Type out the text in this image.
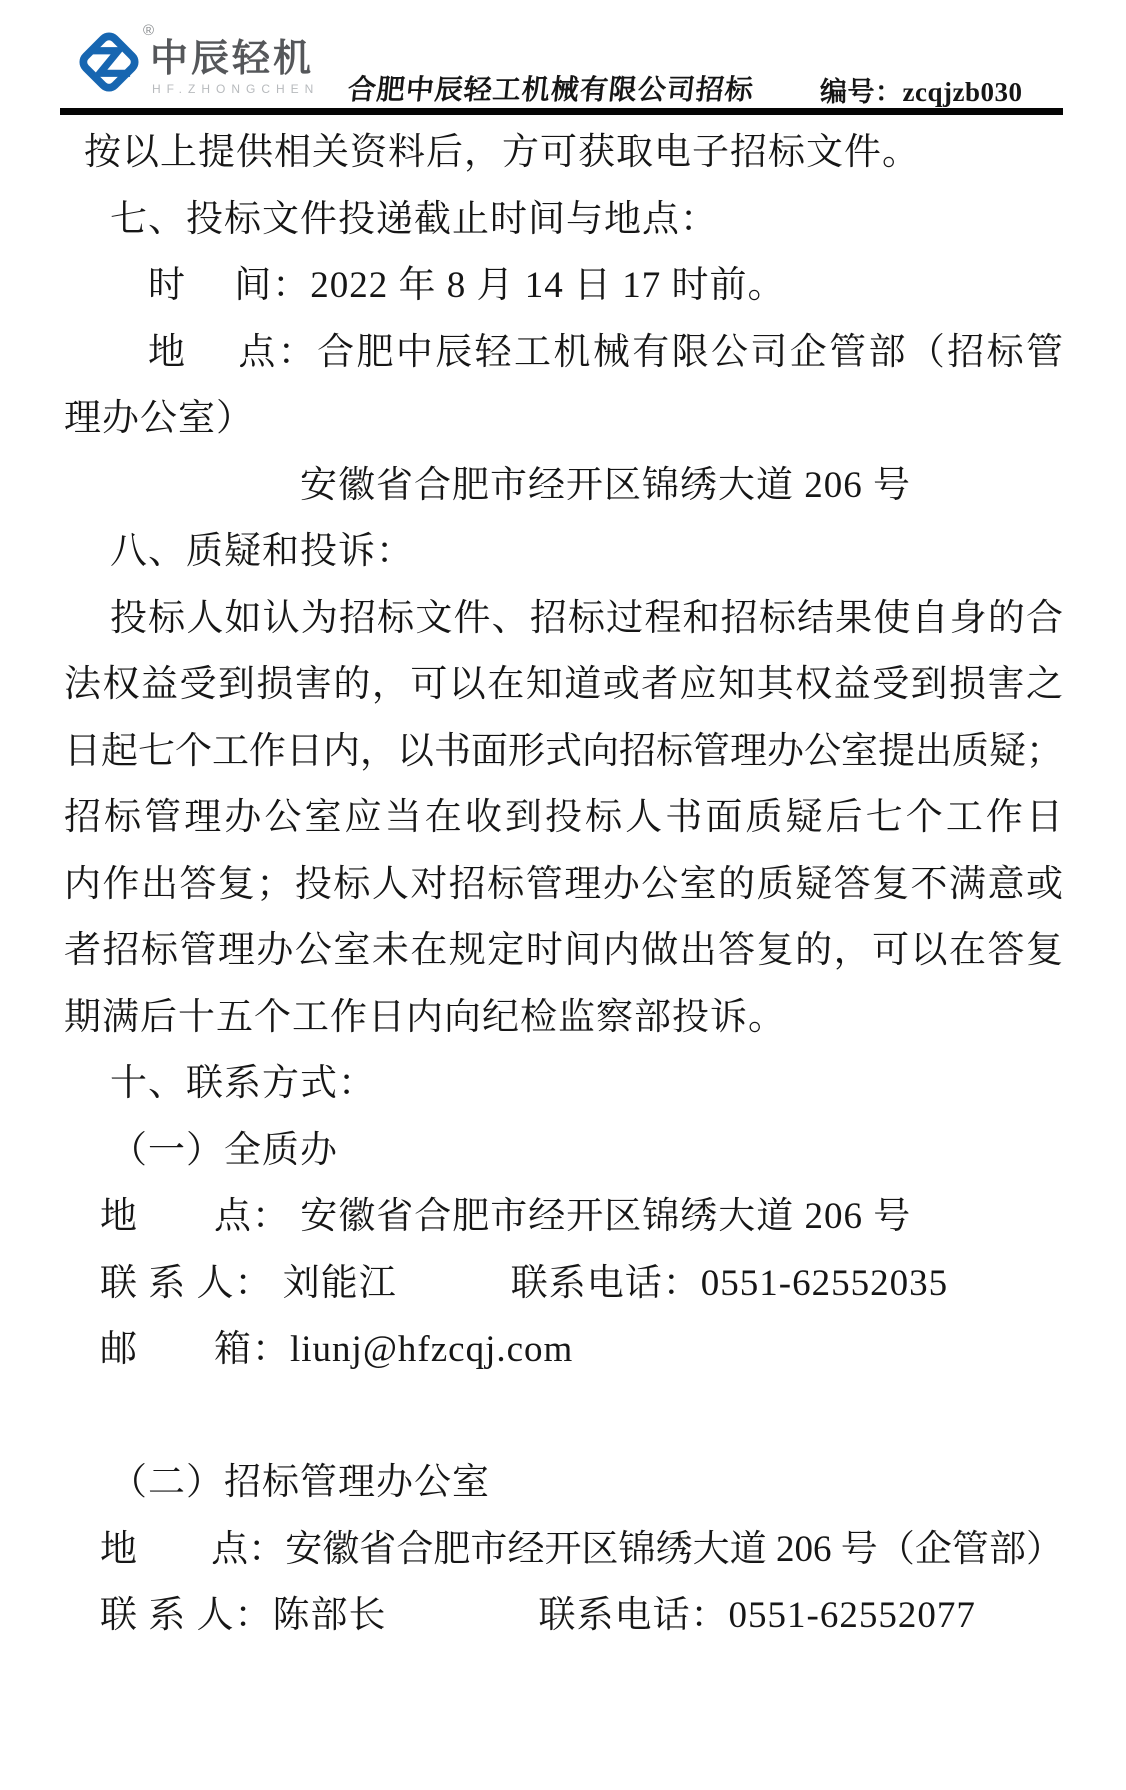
®
中辰轻机
HF.ZHONGCHEN 合肥中辰轻工机械有限公司招标 编号：zcqjzb030
按以上提供相关资料后，方可获取电子招标文件。
七、投标文件投递截止时间与地点：
时　 间：2022 年 8 月 14 日 17 时前。
地　 点：合肥中辰轻工机械有限公司企管部（招标管
理办公室）
安徽省合肥市经开区锦绣大道 206 号
八、质疑和投诉：
投标人如认为招标文件、招标过程和招标结果使自身的合
法权益受到损害的，可以在知道或者应知其权益受到损害之
日起七个工作日内，以书面形式向招标管理办公室提出质疑；
招标管理办公室应当在收到投标人书面质疑后七个工作日
内作出答复；投标人对招标管理办公室的质疑答复不满意或
者招标管理办公室未在规定时间内做出答复的，可以在答复
期满后十五个工作日内向纪检监察部投诉。
十、联系方式：
（一）全质办
地　　点： 安徽省合肥市经开区锦绣大道 206 号
联 系 人： 刘能江　　　联系电话：0551-62552035
邮　　箱：liunj@hfzcqj.com
（二）招标管理办公室
地　　点：安徽省合肥市经开区锦绣大道 206 号（企管部）
联 系 人：陈部长　　　　联系电话：0551-62552077
